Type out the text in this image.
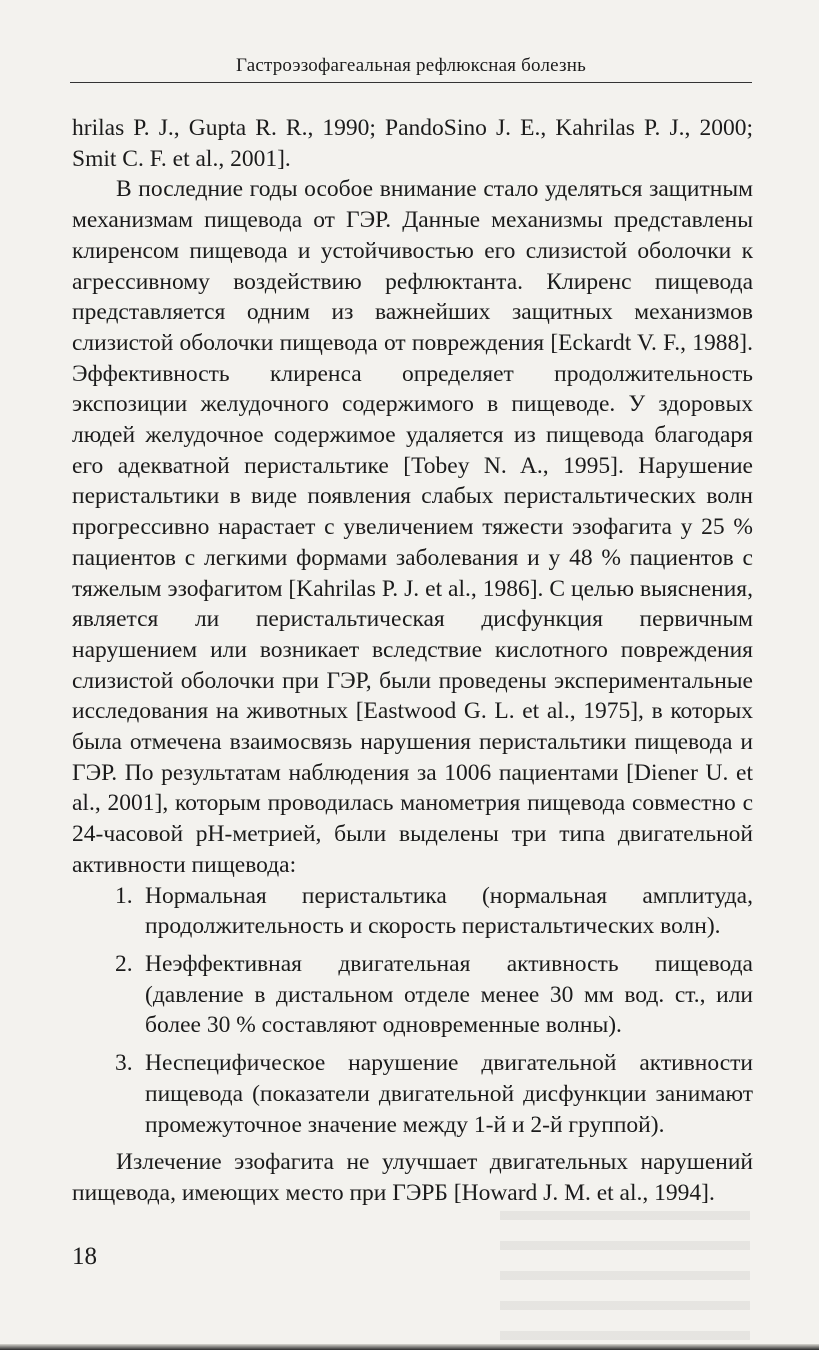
Гастроэзофагеальная рефлюксная болезнь

hrilas P. J., Gupta R. R., 1990; PandoSino J. E., Kahrilas P. J., 2000; Smit C. F. et al., 2001].

В последние годы особое внимание стало уделяться защитным механизмам пищевода от ГЭР. Данные механизмы представлены клиренсом пищевода и устойчивостью его слизистой оболочки к агрессивному воздействию рефлюктанта. Клиренс пищевода представляется одним из важнейших защитных механизмов слизистой оболочки пищевода от повреждения [Eckardt V. F., 1988]. Эффективность клиренса определяет продолжительность экспозиции желудочного содержимого в пищеводе. У здоровых людей желудочное содержимое удаляется из пищевода благодаря его адекватной перистальтике [Tobey N. A., 1995]. Нарушение перистальтики в виде появления слабых перистальтических волн прогрессивно нарастает с увеличением тяжести эзофагита у 25 % пациентов с легкими формами заболевания и у 48 % пациентов с тяжелым эзофагитом [Kahrilas P. J. et al., 1986]. С целью выяснения, является ли перистальтическая дисфункция первичным нарушением или возникает вследствие кислотного повреждения слизистой оболочки при ГЭР, были проведены экспериментальные исследования на животных [Eastwood G. L. et al., 1975], в которых была отмечена взаимосвязь нарушения перистальтики пищевода и ГЭР. По результатам наблюдения за 1006 пациентами [Diener U. et al., 2001], которым проводилась манометрия пищевода совместно с 24-часовой pH-метрией, были выделены три типа двигательной активности пищевода:

1. Нормальная перистальтика (нормальная амплитуда, продолжительность и скорость перистальтических волн).
2. Неэффективная двигательная активность пищевода (давление в дистальном отделе менее 30 мм вод. ст., или более 30 % составляют одновременные волны).
3. Неспецифическое нарушение двигательной активности пищевода (показатели двигательной дисфункции занимают промежуточное значение между 1-й и 2-й группой).

Излечение эзофагита не улучшает двигательных нарушений пищевода, имеющих место при ГЭРБ [Howard J. M. et al., 1994].

18
